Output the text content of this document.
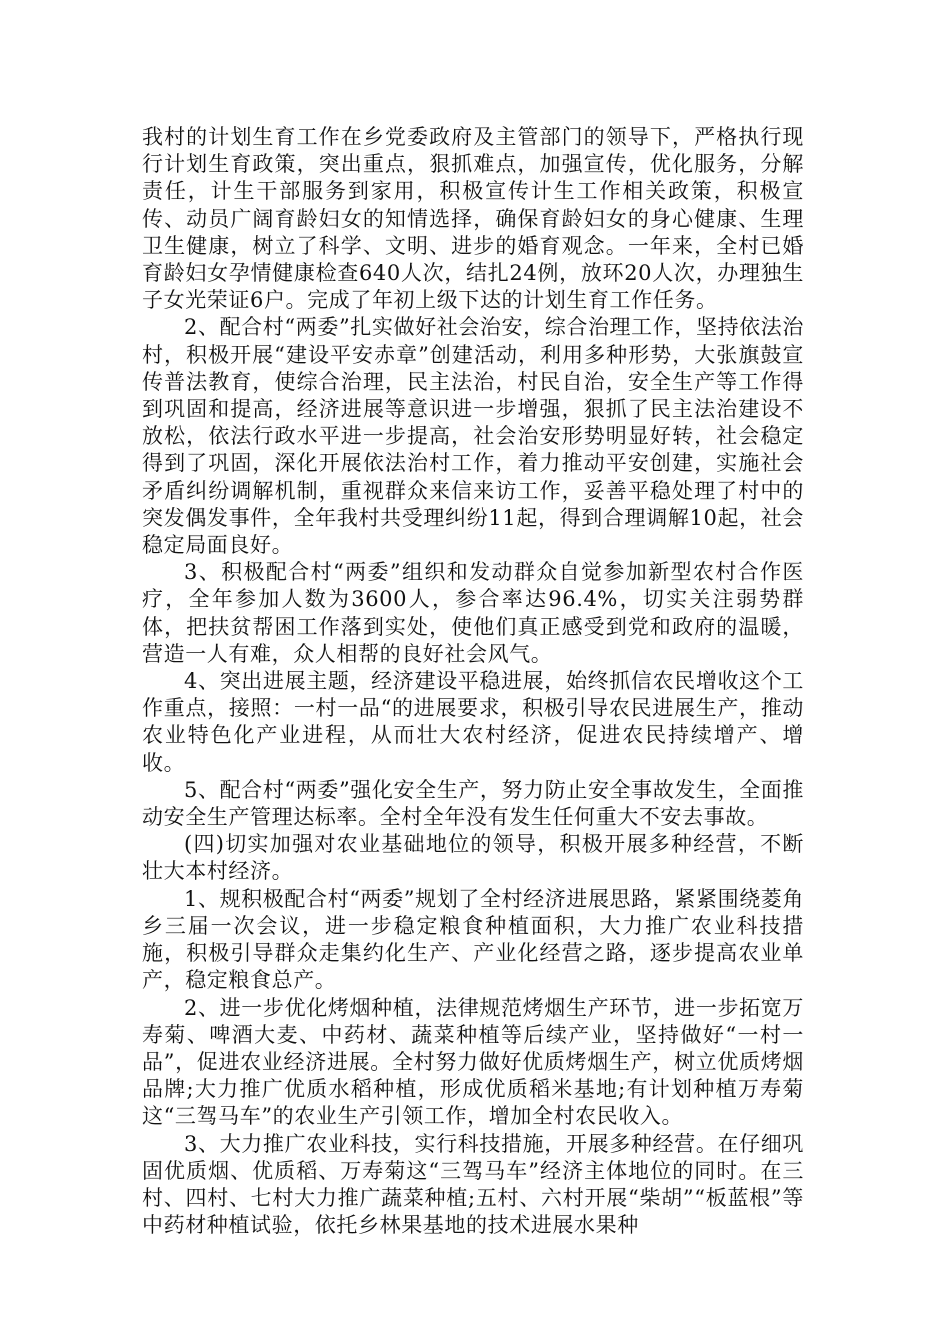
我村的计划生育工作在乡党委政府及主管部门的领导下，严格执行现行计划生育政策，突出重点，狠抓难点，加强宣传，优化服务，分解责任，计生干部服务到家用，积极宣传计生工作相关政策，积极宣传、动员广阔育龄妇女的知情选择，确保育龄妇女的身心健康、生理卫生健康，树立了科学、文明、进步的婚育观念。一年来，全村已婚育龄妇女孕情健康检查640人次，结扎24例，放环20人次，办理独生子女光荣证6户。完成了年初上级下达的计划生育工作任务。

2、配合村“两委”扎实做好社会治安，综合治理工作，坚持依法治村，积极开展“建设平安赤章”创建活动，利用多种形势，大张旗鼓宣传普法教育，使综合治理，民主法治，村民自治，安全生产等工作得到巩固和提高，经济进展等意识进一步增强，狠抓了民主法治建设不放松，依法行政水平进一步提高，社会治安形势明显好转，社会稳定得到了巩固，深化开展依法治村工作，着力推动平安创建，实施社会矛盾纠纷调解机制，重视群众来信来访工作，妥善平稳处理了村中的突发偶发事件，全年我村共受理纠纷11起，得到合理调解10起，社会稳定局面良好。

3、积极配合村“两委”组织和发动群众自觉参加新型农村合作医疗，全年参加人数为3600人，参合率达96.4%，切实关注弱势群体，把扶贫帮困工作落到实处，使他们真正感受到党和政府的温暖，营造一人有难，众人相帮的良好社会风气。

4、突出进展主题，经济建设平稳进展，始终抓信农民增收这个工作重点，接照：一村一品“的进展要求，积极引导农民进展生产，推动农业特色化产业进程，从而壮大农村经济，促进农民持续增产、增收。

5、配合村“两委”强化安全生产，努力防止安全事故发生，全面推动安全生产管理达标率。全村全年没有发生任何重大不安去事故。

(四)切实加强对农业基础地位的领导，积极开展多种经营，不断壮大本村经济。

1、规积极配合村“两委”规划了全村经济进展思路，紧紧围绕菱角乡三届一次会议，进一步稳定粮食种植面积，大力推广农业科技措施，积极引导群众走集约化生产、产业化经营之路，逐步提高农业单产，稳定粮食总产。

2、进一步优化烤烟种植，法律规范烤烟生产环节，进一步拓宽万寿菊、啤酒大麦、中药材、蔬菜种植等后续产业，坚持做好“一村一品”，促进农业经济进展。全村努力做好优质烤烟生产，树立优质烤烟品牌;大力推广优质水稻种植，形成优质稻米基地;有计划种植万寿菊这“三驾马车”的农业生产引领工作，增加全村农民收入。

3、大力推广农业科技，实行科技措施，开展多种经营。在仔细巩固优质烟、优质稻、万寿菊这“三驾马车”经济主体地位的同时。在三村、四村、七村大力推广蔬菜种植;五村、六村开展“柴胡”“板蓝根”等中药材种植试验，依托乡林果基地的技术进展水果种
